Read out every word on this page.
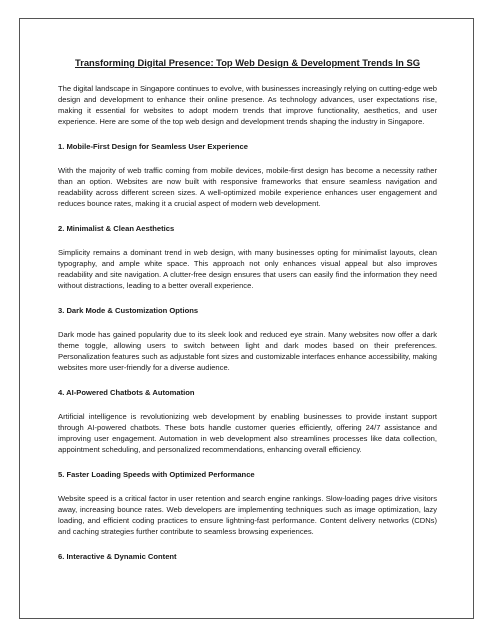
Transforming Digital Presence: Top Web Design & Development Trends In SG

The digital landscape in Singapore continues to evolve, with businesses increasingly relying on cutting-edge web design and development to enhance their online presence. As technology advances, user expectations rise, making it essential for websites to adopt modern trends that improve functionality, aesthetics, and user experience. Here are some of the top web design and development trends shaping the industry in Singapore.

1. Mobile-First Design for Seamless User Experience

With the majority of web traffic coming from mobile devices, mobile-first design has become a necessity rather than an option. Websites are now built with responsive frameworks that ensure seamless navigation and readability across different screen sizes. A well-optimized mobile experience enhances user engagement and reduces bounce rates, making it a crucial aspect of modern web development.

2. Minimalist & Clean Aesthetics

Simplicity remains a dominant trend in web design, with many businesses opting for minimalist layouts, clean typography, and ample white space. This approach not only enhances visual appeal but also improves readability and site navigation. A clutter-free design ensures that users can easily find the information they need without distractions, leading to a better overall experience.

3. Dark Mode & Customization Options

Dark mode has gained popularity due to its sleek look and reduced eye strain. Many websites now offer a dark theme toggle, allowing users to switch between light and dark modes based on their preferences. Personalization features such as adjustable font sizes and customizable interfaces enhance accessibility, making websites more user-friendly for a diverse audience.

4. AI-Powered Chatbots & Automation

Artificial intelligence is revolutionizing web development by enabling businesses to provide instant support through AI-powered chatbots. These bots handle customer queries efficiently, offering 24/7 assistance and improving user engagement. Automation in web development also streamlines processes like data collection, appointment scheduling, and personalized recommendations, enhancing overall efficiency.

5. Faster Loading Speeds with Optimized Performance

Website speed is a critical factor in user retention and search engine rankings. Slow-loading pages drive visitors away, increasing bounce rates. Web developers are implementing techniques such as image optimization, lazy loading, and efficient coding practices to ensure lightning-fast performance. Content delivery networks (CDNs) and caching strategies further contribute to seamless browsing experiences.

6. Interactive & Dynamic Content
